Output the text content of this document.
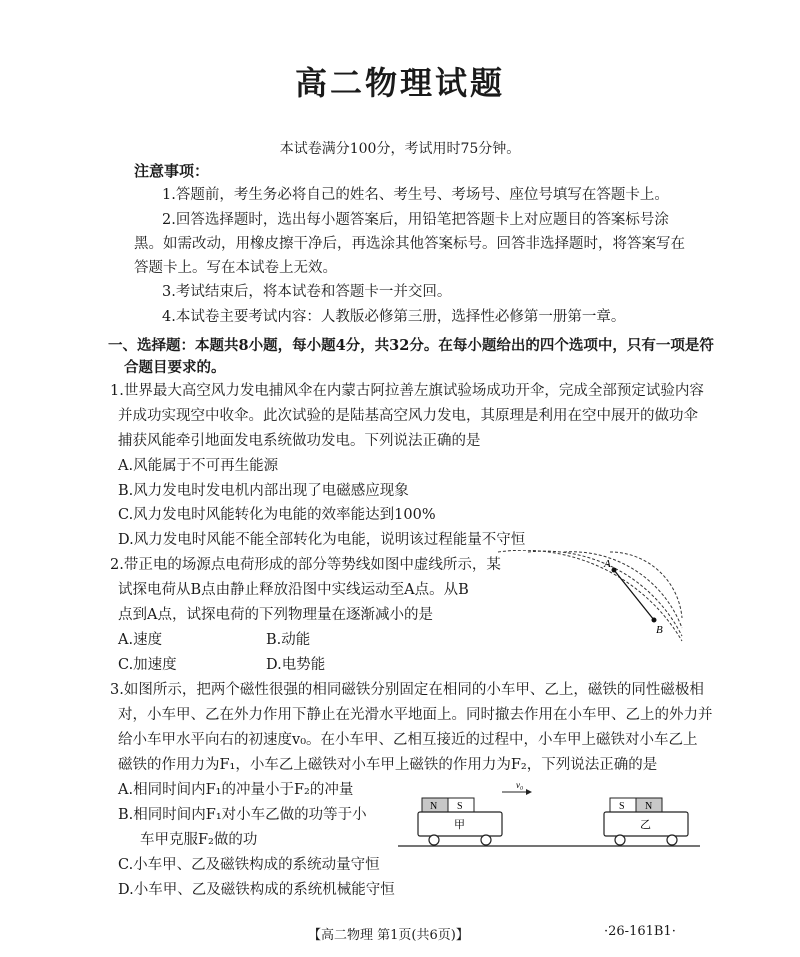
高二物理试题
本试卷满分100分，考试用时75分钟。
注意事项：
1.答题前，考生务必将自己的姓名、考生号、考场号、座位号填写在答题卡上。
2.回答选择题时，选出每小题答案后，用铅笔把答题卡上对应题目的答案标号涂
黑。如需改动，用橡皮擦干净后，再选涂其他答案标号。回答非选择题时，将答案写在
答题卡上。写在本试卷上无效。
3.考试结束后，将本试卷和答题卡一并交回。
4.本试卷主要考试内容：人教版必修第三册，选择性必修第一册第一章。
一、选择题：本题共8小题，每小题4分，共32分。在每小题给出的四个选项中，只有一项是符
合题目要求的。
1.世界最大高空风力发电捕风伞在内蒙古阿拉善左旗试验场成功开伞，完成全部预定试验内容
并成功实现空中收伞。此次试验的是陆基高空风力发电，其原理是利用在空中展开的做功伞
捕获风能牵引地面发电系统做功发电。下列说法正确的是
A.风能属于不可再生能源
B.风力发电时发电机内部出现了电磁感应现象
C.风力发电时风能转化为电能的效率能达到100%
D.风力发电时风能不能全部转化为电能，说明该过程能量不守恒
2.带正电的场源点电荷形成的部分等势线如图中虚线所示，某
试探电荷从B点由静止释放沿图中实线运动至A点。从B
点到A点，试探电荷的下列物理量在逐渐减小的是
A.速度	B.动能
C.加速度	D.电势能
A
B
3.如图所示，把两个磁性很强的相同磁铁分别固定在相同的小车甲、乙上，磁铁的同性磁极相
对，小车甲、乙在外力作用下静止在光滑水平地面上。同时撤去作用在小车甲、乙上的外力并
给小车甲水平向右的初速度v₀。在小车甲、乙相互接近的过程中，小车甲上磁铁对小车乙上
磁铁的作用力为F₁，小车乙上磁铁对小车甲上磁铁的作用力为F₂，下列说法正确的是
A.相同时间内F₁的冲量小于F₂的冲量
B.相同时间内F₁对小车乙做的功等于小
车甲克服F₂做的功
C.小车甲、乙及磁铁构成的系统动量守恒
D.小车甲、乙及磁铁构成的系统机械能守恒
N S
甲
v₀
S N
乙
【高二物理 第1页(共6页)】	·26-161B1·
